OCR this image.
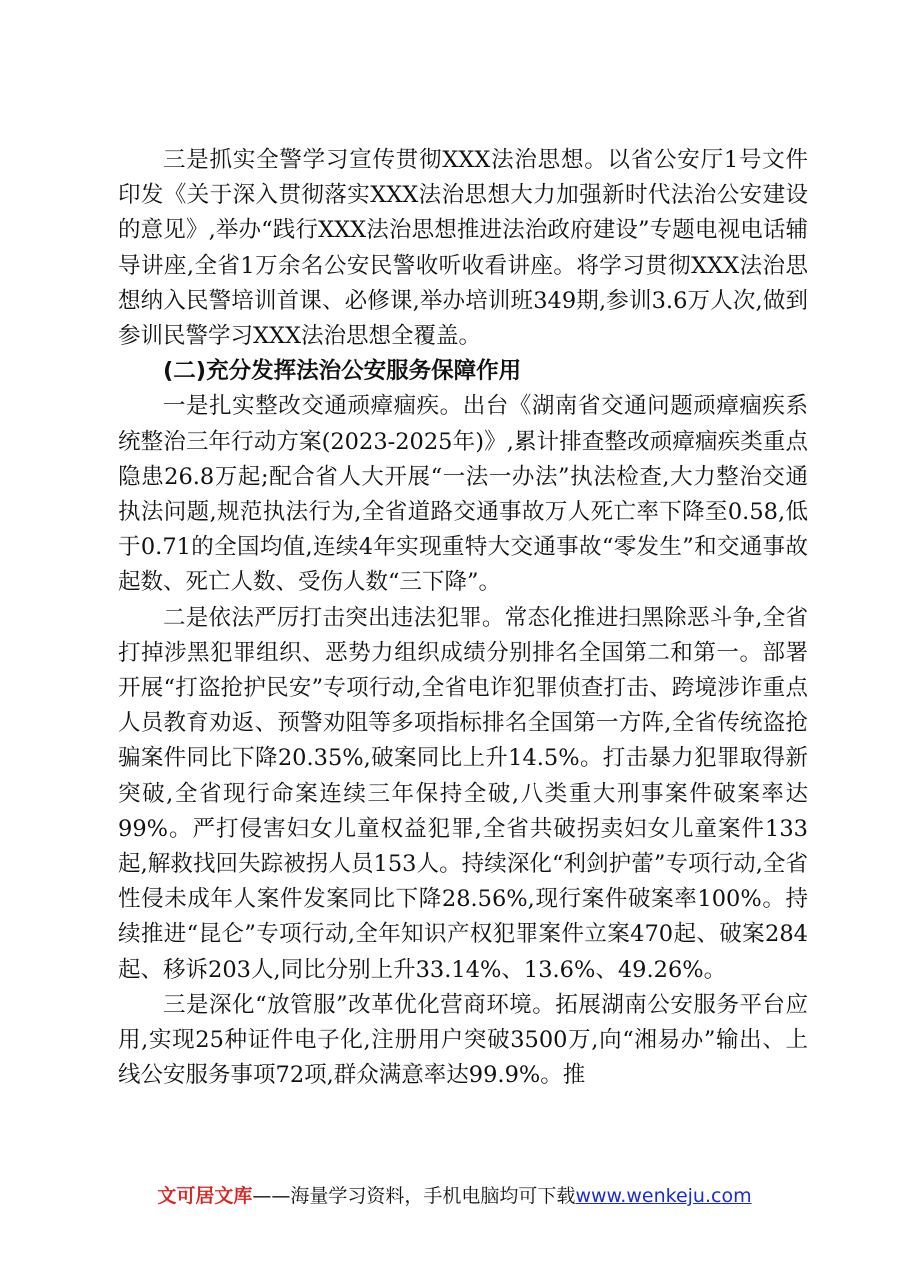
三是抓实全警学习宣传贯彻XXX法治思想。以省公安厅1号文件印发《关于深入贯彻落实XXX法治思想大力加强新时代法治公安建设的意见》,举办“践行XXX法治思想推进法治政府建设”专题电视电话辅导讲座,全省1万余名公安民警收听收看讲座。将学习贯彻XXX法治思想纳入民警培训首课、必修课,举办培训班349期,参训3.6万人次,做到参训民警学习XXX法治思想全覆盖。

(二)充分发挥法治公安服务保障作用

一是扎实整改交通顽瘴痼疾。出台《湖南省交通问题顽瘴痼疾系统整治三年行动方案(2023-2025年)》,累计排查整改顽瘴痼疾类重点隐患26.8万起;配合省人大开展“一法一办法”执法检查,大力整治交通执法问题,规范执法行为,全省道路交通事故万人死亡率下降至0.58,低于0.71的全国均值,连续4年实现重特大交通事故“零发生”和交通事故起数、死亡人数、受伤人数“三下降”。

二是依法严厉打击突出违法犯罪。常态化推进扫黑除恶斗争,全省打掉涉黑犯罪组织、恶势力组织成绩分别排名全国第二和第一。部署开展“打盗抢护民安”专项行动,全省电诈犯罪侦查打击、跨境涉诈重点人员教育劝返、预警劝阻等多项指标排名全国第一方阵,全省传统盗抢骗案件同比下降20.35%,破案同比上升14.5%。打击暴力犯罪取得新突破,全省现行命案连续三年保持全破,八类重大刑事案件破案率达99%。严打侵害妇女儿童权益犯罪,全省共破拐卖妇女儿童案件133起,解救找回失踪被拐人员153人。持续深化“利剑护蕾”专项行动,全省性侵未成年人案件发案同比下降28.56%,现行案件破案率100%。持续推进“昆仑”专项行动,全年知识产权犯罪案件立案470起、破案284起、移诉203人,同比分别上升33.14%、13.6%、49.26%。

三是深化“放管服”改革优化营商环境。拓展湖南公安服务平台应用,实现25种证件电子化,注册用户突破3500万,向“湘易办”输出、上线公安服务事项72项,群众满意率达99.9%。推

文可居文库——海量学习资料，手机电脑均可下载www.wenkeju.com
